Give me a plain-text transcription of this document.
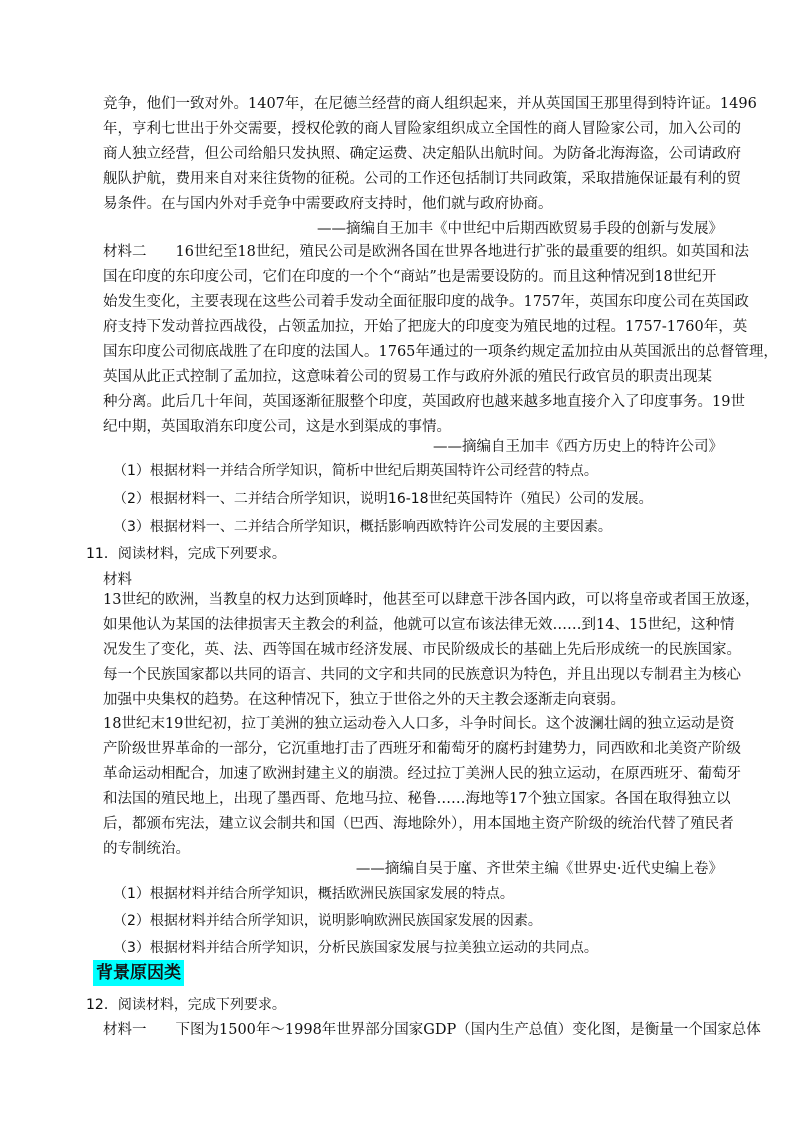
竞争，他们一致对外。1407年，在尼德兰经营的商人组织起来，并从英国国王那里得到特许证。1496
年，亨利七世出于外交需要，授权伦敦的商人冒险家组织成立全国性的商人冒险家公司，加入公司的
商人独立经营，但公司给船只发执照、确定运费、决定船队出航时间。为防备北海海盗，公司请政府
舰队护航，费用来自对来往货物的征税。公司的工作还包括制订共同政策，采取措施保证最有利的贸
易条件。在与国内外对手竞争中需要政府支持时，他们就与政府协商。
——摘编自王加丰《中世纪中后期西欧贸易手段的创新与发展》
材料二　　16世纪至18世纪，殖民公司是欧洲各国在世界各地进行扩张的最重要的组织。如英国和法
国在印度的东印度公司，它们在印度的一个个“商站”也是需要设防的。而且这种情况到18世纪开
始发生变化，主要表现在这些公司着手发动全面征服印度的战争。1757年，英国东印度公司在英国政
府支持下发动普拉西战役，占领孟加拉，开始了把庞大的印度变为殖民地的过程。1757-1760年，英
国东印度公司彻底战胜了在印度的法国人。1765年通过的一项条约规定孟加拉由从英国派出的总督管理，
英国从此正式控制了孟加拉，这意味着公司的贸易工作与政府外派的殖民行政官员的职责出现某
种分离。此后几十年间，英国逐渐征服整个印度，英国政府也越来越多地直接介入了印度事务。19世
纪中期，英国取消东印度公司，这是水到渠成的事情。
——摘编自王加丰《西方历史上的特许公司》
（1）根据材料一并结合所学知识，简析中世纪后期英国特许公司经营的特点。
（2）根据材料一、二并结合所学知识，说明16-18世纪英国特许（殖民）公司的发展。
（3）根据材料一、二并结合所学知识，概括影响西欧特许公司发展的主要因素。
11．阅读材料，完成下列要求。
材料
13世纪的欧洲，当教皇的权力达到顶峰时，他甚至可以肆意干涉各国内政，可以将皇帝或者国王放逐，
如果他认为某国的法律损害天主教会的利益，他就可以宣布该法律无效……到14、15世纪，这种情
况发生了变化，英、法、西等国在城市经济发展、市民阶级成长的基础上先后形成统一的民族国家。
每一个民族国家都以共同的语言、共同的文字和共同的民族意识为特色，并且出现以专制君主为核心
加强中央集权的趋势。在这种情况下，独立于世俗之外的天主教会逐渐走向衰弱。
18世纪末19世纪初，拉丁美洲的独立运动卷入人口多，斗争时间长。这个波澜壮阔的独立运动是资
产阶级世界革命的一部分，它沉重地打击了西班牙和葡萄牙的腐朽封建势力，同西欧和北美资产阶级
革命运动相配合，加速了欧洲封建主义的崩溃。经过拉丁美洲人民的独立运动，在原西班牙、葡萄牙
和法国的殖民地上，出现了墨西哥、危地马拉、秘鲁……海地等17个独立国家。各国在取得独立以
后，都颁布宪法，建立议会制共和国（巴西、海地除外），用本国地主资产阶级的统治代替了殖民者
的专制统治。
——摘编自吴于廑、齐世荣主编《世界史·近代史编上卷》
（1）根据材料并结合所学知识，概括欧洲民族国家发展的特点。
（2）根据材料并结合所学知识，说明影响欧洲民族国家发展的因素。
（3）根据材料并结合所学知识，分析民族国家发展与拉美独立运动的共同点。
背景原因类
12．阅读材料，完成下列要求。
材料一　　下图为1500年～1998年世界部分国家GDP（国内生产总值）变化图，是衡量一个国家总体
